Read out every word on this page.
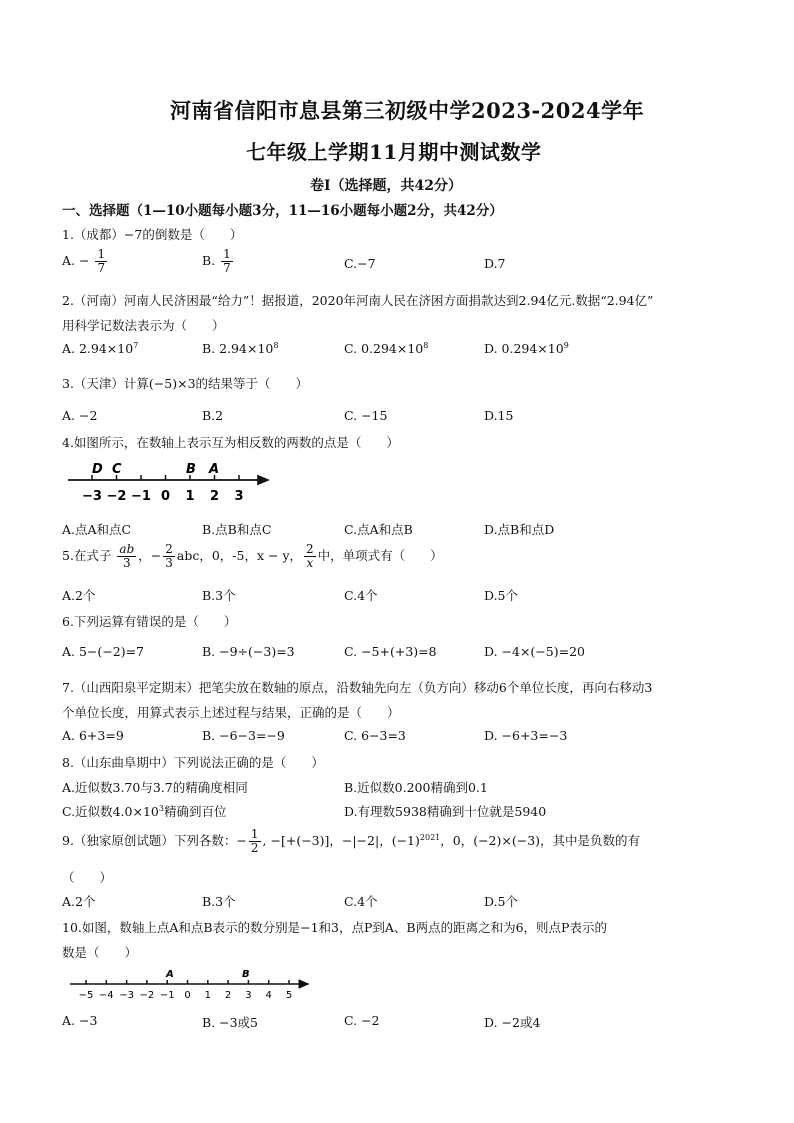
河南省信阳市息县第三初级中学2023-2024学年
七年级上学期11月期中测试数学
卷Ⅰ（选择题，共42分）
一、选择题（1—10小题每小题3分，11—16小题每小题2分，共42分）
1.（成都）−7的倒数是（　　）
A. − $\frac{1}{7}$	B. $\frac{1}{7}$	C.−7	D.7
2.（河南）河南人民济困最“给力”！据报道，2020年河南人民在济困方面捐款达到2.94亿元.数据“2.94亿”
用科学记数法表示为（　　）
A. $2.94\times 10^7$	B. $2.94\times 10^8$	C. $0.294\times 10^8$	D. $0.294\times 10^9$
3.（天津）计算(−5)×3的结果等于（　　）
A. −2	B.2	C. −15	D.15
4.如图所示，在数轴上表示互为相反数的两数的点是（　　）
−3 −2 −1 0 1 2 3
D C	B A
A.点A和点C	B.点B和点C	C.点A和点B	D.点B和点D
5.在式子 $\frac{ab}{3}$ ，− $\frac{2}{3}$ abc，0，-5，x − y， $\frac{2}{x}$ 中，单项式有（　　）
A.2个	B.3个	C.4个	D.5个
6.下列运算有错误的是（　　）
A. 5−(−2)=7	B. −9÷(−3)=3	C. −5+(+3)=8	D. −4×(−5)=20
7.（山西阳泉平定期末）把笔尖放在数轴的原点，沿数轴先向左（负方向）移动6个单位长度，再向右移动3
个单位长度，用算式表示上述过程与结果，正确的是（　　）
A. 6+3=9	B. −6−3=−9	C. 6−3=3	D. −6+3=−3
8.（山东曲阜期中）下列说法正确的是（　　）
A.近似数3.70与3.7的精确度相同	B.近似数0.200精确到0.1
C.近似数$4.0\times 10^3$精确到百位	D.有理数5938精确到十位就是5940
9.（独家原创试题）下列各数：− $\frac{1}{2}$ , −[+(−3)]，−|−2|，$(-1)^{2021}$，0，(−2)×(−3)，其中是负数的有
（　　）
A.2个	B.3个	C.4个	D.5个
10.如图，数轴上点A和点B表示的数分别是−1和3，点P到A、B两点的距离之和为6，则点P表示的
数是（　　）
−5 −4 −3 −2 −1 0 1 2 3 4 5
A	B
A. −3	B. −3或5	C. −2	D. −2或4
